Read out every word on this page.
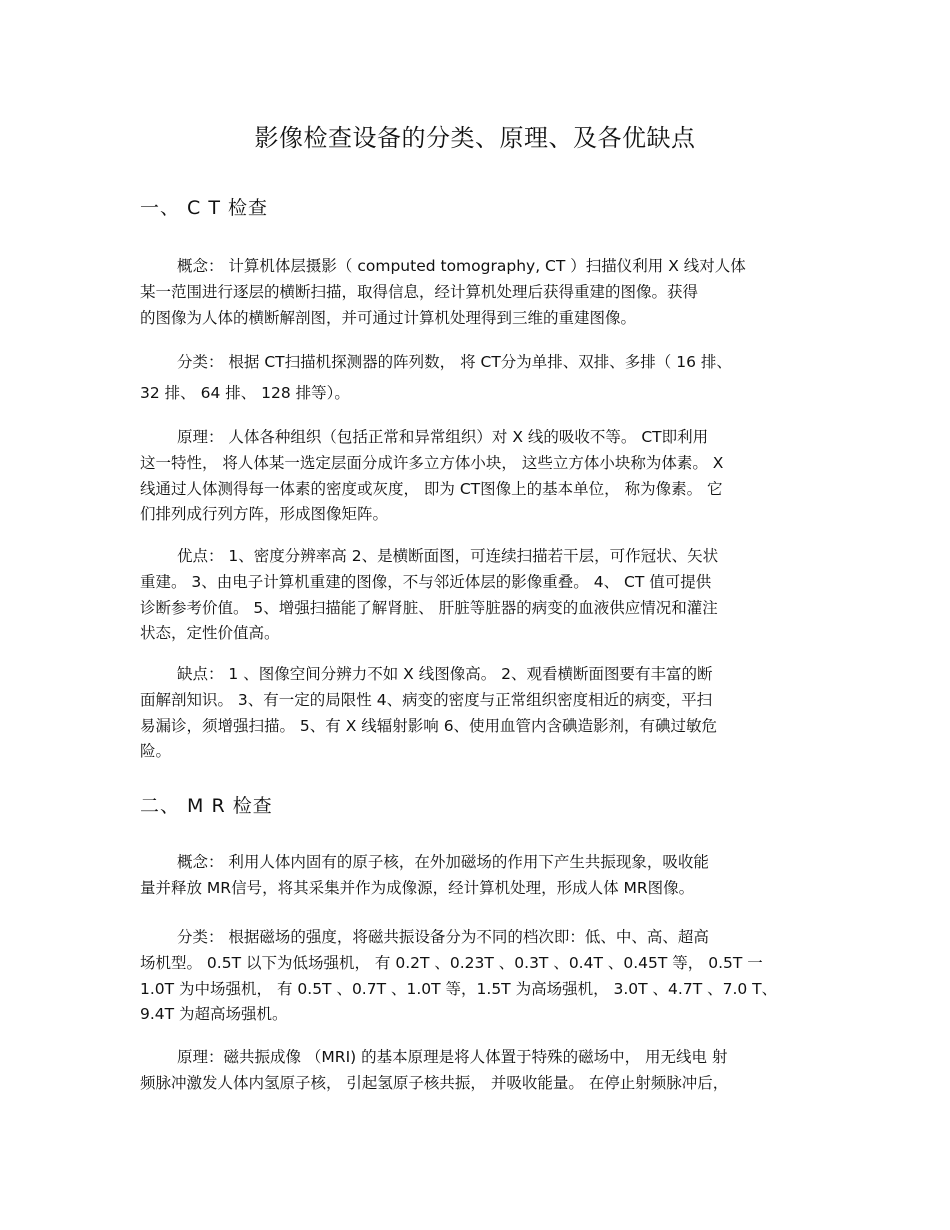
影像检查设备的分类、原理、及各优缺点
一、 C T 检查
概念： 计算机体层摄影（ computed tomography, CT ）扫描仪利用 X 线对人体
某一范围进行逐层的横断扫描，取得信息，经计算机处理后获得重建的图像。获得
的图像为人体的横断解剖图，并可通过计算机处理得到三维的重建图像。
分类： 根据 CT扫描机探测器的阵列数， 将 CT分为单排、双排、多排（ 16 排、
32 排、 64 排、 128 排等）。
原理： 人体各种组织（包括正常和异常组织）对 X 线的吸收不等。 CT即利用
这一特性， 将人体某一选定层面分成许多立方体小块， 这些立方体小块称为体素。 X
线通过人体测得每一体素的密度或灰度， 即为 CT图像上的基本单位， 称为像素。 它
们排列成行列方阵，形成图像矩阵。
优点： 1、密度分辨率高 2、是横断面图，可连续扫描若干层，可作冠状、矢状
重建。 3、由电子计算机重建的图像，不与邻近体层的影像重叠。 4、 CT 值可提供
诊断参考价值。 5、增强扫描能了解肾脏、 肝脏等脏器的病变的血液供应情况和灌注
状态，定性价值高。
缺点： 1 、图像空间分辨力不如 X 线图像高。 2、观看横断面图要有丰富的断
面解剖知识。 3、有一定的局限性 4、病变的密度与正常组织密度相近的病变，平扫
易漏诊，须增强扫描。 5、有 X 线辐射影响 6、使用血管内含碘造影剂，有碘过敏危
险。
二、 M R 检查
概念： 利用人体内固有的原子核，在外加磁场的作用下产生共振现象，吸收能
量并释放 MR信号，将其采集并作为成像源，经计算机处理，形成人体 MR图像。
分类： 根据磁场的强度，将磁共振设备分为不同的档次即：低、中、高、超高
场机型。 0.5T 以下为低场强机， 有 0.2T 、0.23T 、0.3T 、0.4T 、0.45T 等， 0.5T 一
1.0T 为中场强机， 有 0.5T 、0.7T 、1.0T 等，1.5T 为高场强机， 3.0T 、4.7T 、7.0 T、
9.4T 为超高场强机。
原理：磁共振成像 （MRI) 的基本原理是将人体置于特殊的磁场中， 用无线电 射
频脉冲激发人体内氢原子核， 引起氢原子核共振， 并吸收能量。 在停止射频脉冲后，
